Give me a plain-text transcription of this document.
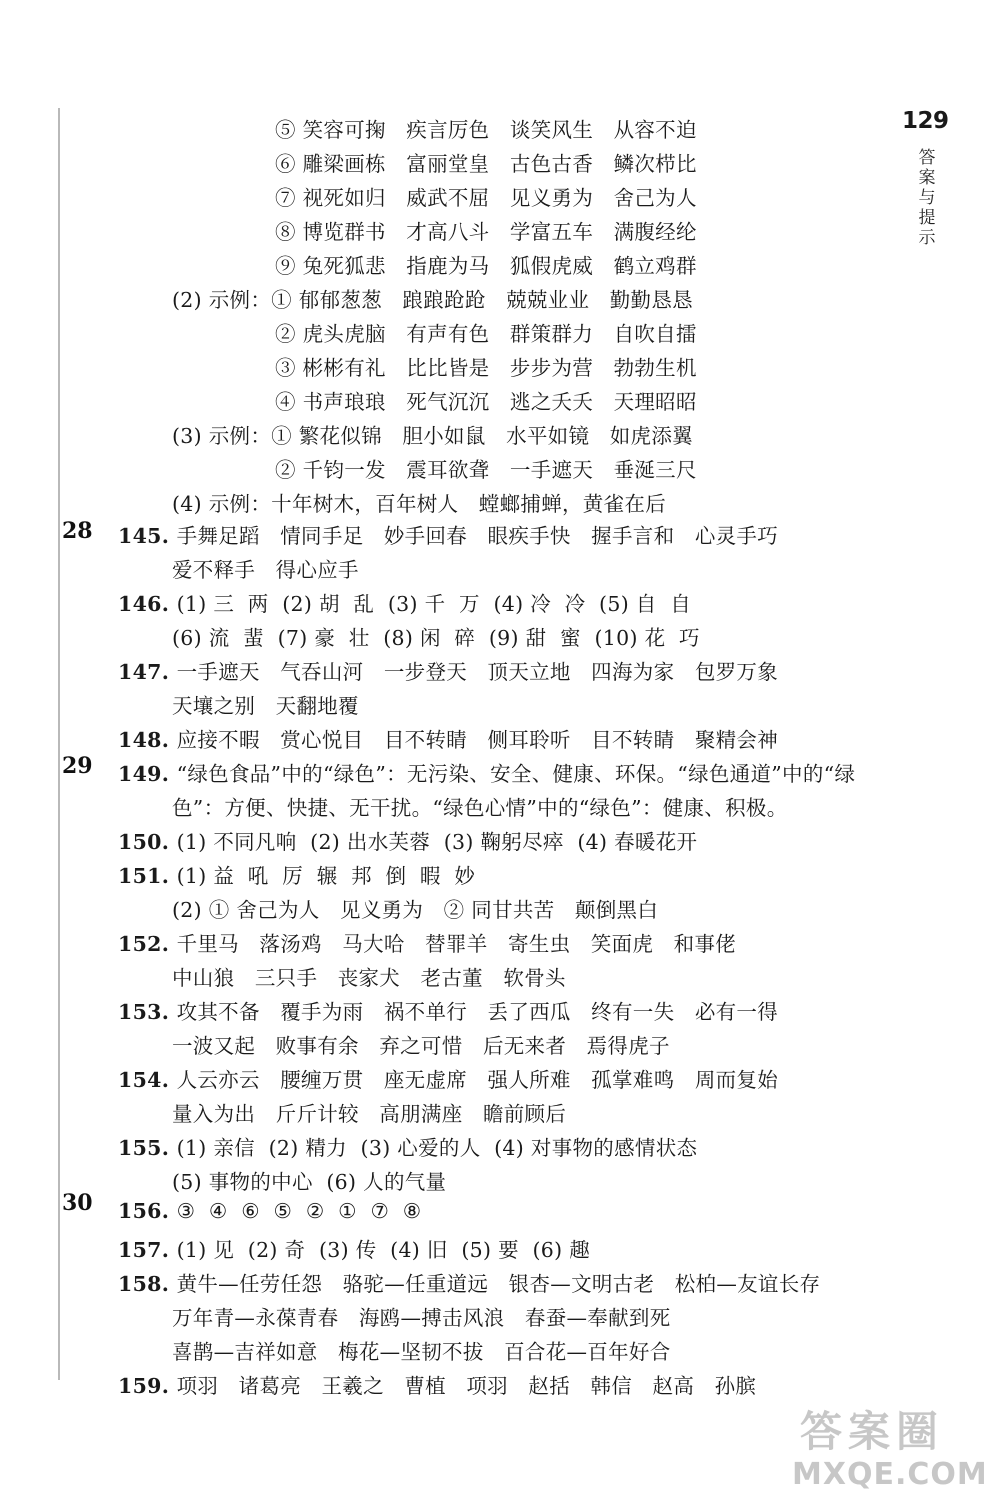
129
答案与提示
28
29
30
⑤ 笑容可掬   疾言厉色   谈笑风生   从容不迫
⑥ 雕梁画栋   富丽堂皇   古色古香   鳞次栉比
⑦ 视死如归   威武不屈   见义勇为   舍己为人
⑧ 博览群书   才高八斗   学富五车   满腹经纶
⑨ 兔死狐悲   指鹿为马   狐假虎威   鹤立鸡群
(2) 示例：① 郁郁葱葱   踉踉跄跄   兢兢业业   勤勤恳恳
② 虎头虎脑   有声有色   群策群力   自吹自擂
③ 彬彬有礼   比比皆是   步步为营   勃勃生机
④ 书声琅琅   死气沉沉   逃之夭夭   天理昭昭
(3) 示例：① 繁花似锦   胆小如鼠   水平如镜   如虎添翼
② 千钧一发   震耳欲聋   一手遮天   垂涎三尺
(4) 示例：十年树木，百年树人   螳螂捕蝉，黄雀在后
145. 手舞足蹈   情同手足   妙手回春   眼疾手快   握手言和   心灵手巧
爱不释手   得心应手
146. (1) 三  两  (2) 胡  乱  (3) 千  万  (4) 冷  冷  (5) 自  自
(6) 流  蜚  (7) 豪  壮  (8) 闲  碎  (9) 甜  蜜  (10) 花  巧
147. 一手遮天   气吞山河   一步登天   顶天立地   四海为家   包罗万象
天壤之别   天翻地覆
148. 应接不暇   赏心悦目   目不转睛   侧耳聆听   目不转睛   聚精会神
149. “绿色食品”中的“绿色”：无污染、安全、健康、环保。“绿色通道”中的“绿
色”：方便、快捷、无干扰。“绿色心情”中的“绿色”：健康、积极。
150. (1) 不同凡响  (2) 出水芙蓉  (3) 鞠躬尽瘁  (4) 春暖花开
151. (1) 益  吼  厉  辗  邦  倒  暇  妙
(2) ① 舍己为人   见义勇为   ② 同甘共苦   颠倒黑白
152. 千里马   落汤鸡   马大哈   替罪羊   寄生虫   笑面虎   和事佬
中山狼   三只手   丧家犬   老古董   软骨头
153. 攻其不备   覆手为雨   祸不单行   丢了西瓜   终有一失   必有一得
一波又起   败事有余   弃之可惜   后无来者   焉得虎子
154. 人云亦云   腰缠万贯   座无虚席   强人所难   孤掌难鸣   周而复始
量入为出   斤斤计较   高朋满座   瞻前顾后
155. (1) 亲信  (2) 精力  (3) 心爱的人  (4) 对事物的感情状态
(5) 事物的中心  (6) 人的气量
156. ③  ④  ⑥  ⑤  ②  ①  ⑦  ⑧
157. (1) 见  (2) 奇  (3) 传  (4) 旧  (5) 要  (6) 趣
158. 黄牛—任劳任怨   骆驼—任重道远   银杏—文明古老   松柏—友谊长存
万年青—永葆青春   海鸥—搏击风浪   春蚕—奉献到死
喜鹊—吉祥如意   梅花—坚韧不拔   百合花—百年好合
159. 项羽   诸葛亮   王羲之   曹植   项羽   赵括   韩信   赵高   孙膑
答案圈
MXQE.COM
